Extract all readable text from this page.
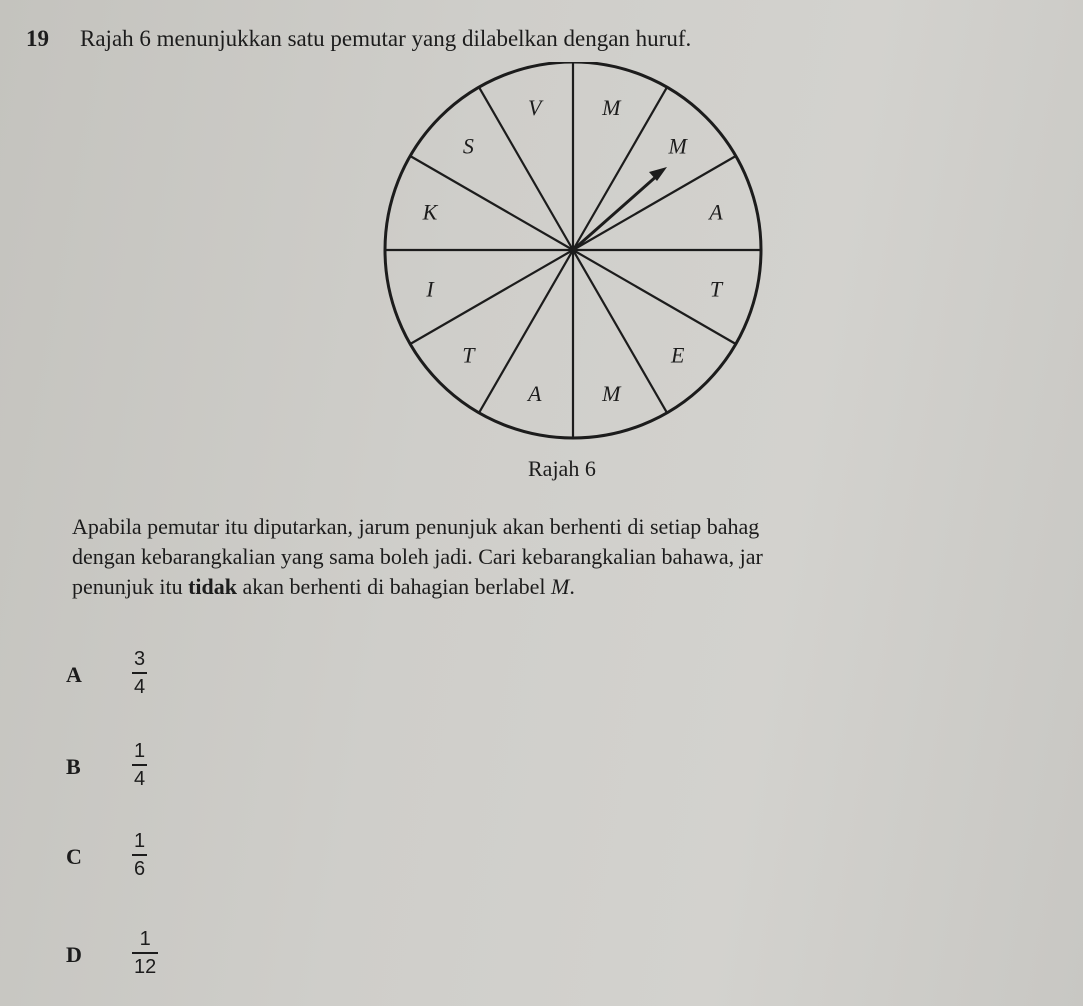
19 Rajah 6 menunjukkan satu pemutar yang dilabelkan dengan huruf.
V	M
M
A
T
E
M
A
T
I
K
S
Rajah 6
Apabila pemutar itu diputarkan, jarum penunjuk akan berhenti di setiap bahag
dengan kebarangkalian yang sama boleh jadi. Cari kebarangkalian bahawa, jar
penunjuk itu tidak akan berhenti di bahagian berlabel M.
A
3
4
B
1
4
C
1
6
D
1
12
